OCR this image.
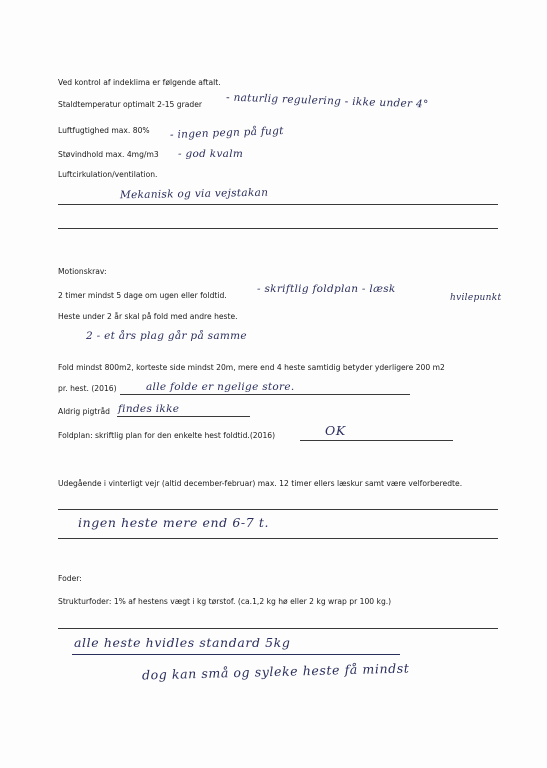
Ved kontrol af indeklima er følgende aftalt.
Staldtemperatur optimalt 2-15 grader - naturlig regulering - ikke under 4°
Luftfugtighed max. 80% - ingen pegn på fugt
Støvindhold max. 4mg/m3 - god kvalm
Luftcirkulation/ventilation.
Mekanisk og via vejstakan
Motionskrav:
2 timer mindst 5 dage om ugen eller foldtid.
- skriftlig foldplan - læsk
hvilepunkt
Heste under 2 år skal på fold med andre heste.
2 - et års plag går på samme
Fold mindst 800m2, korteste side mindst 20m, mere end 4 heste samtidig betyder yderligere 200 m2
pr. hest. (2016)	alle folde er ngelige store.
Aldrig pigtråd findes ikke
Foldplan: skriftlig plan for den enkelte hest foldtid.(2016)	OK
Udegående i vinterligt vejr (altid december-februar) max. 12 timer ellers læskur samt være velforberedte.
ingen heste mere end 6-7 t.
Foder:
Strukturfoder: 1% af hestens vægt i kg tørstof. (ca.1,2 kg hø eller 2 kg wrap pr 100 kg.)
alle heste hvidles standard 5kg
dog kan små og syleke heste få mindst
